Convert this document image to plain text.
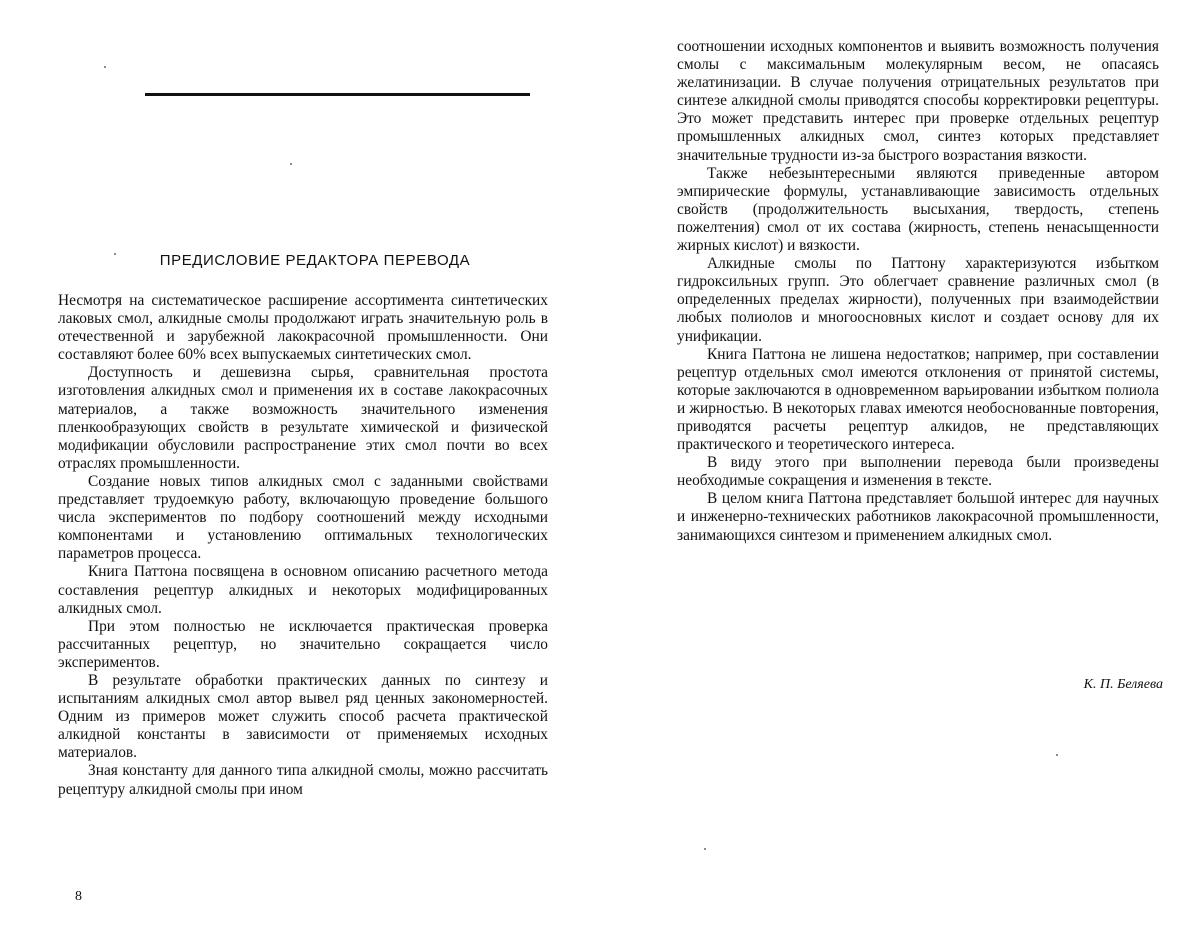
ПРЕДИСЛОВИЕ РЕДАКТОРА ПЕРЕВОДА

Несмотря на систематическое расширение ассортимента синтетических лаковых смол, алкидные смолы продолжают играть значительную роль в отечественной и зарубежной лакокрасочной промышленности. Они составляют более 60% всех выпускаемых синтетических смол.

Доступность и дешевизна сырья, сравнительная простота изготовления алкидных смол и применения их в составе лакокрасочных материалов, а также возможность значительного изменения пленкообразующих свойств в результате химической и физической модификации обусловили распространение этих смол почти во всех отраслях промышленности.

Создание новых типов алкидных смол с заданными свойствами представляет трудоемкую работу, включающую проведение большого числа экспериментов по подбору соотношений между исходными компонентами и установлению оптимальных технологических параметров процесса.

Книга Паттона посвящена в основном описанию расчетного метода составления рецептур алкидных и некоторых модифицированных алкидных смол.

При этом полностью не исключается практическая проверка рассчитанных рецептур, но значительно сокращается число экспериментов.

В результате обработки практических данных по синтезу и испытаниям алкидных смол автор вывел ряд ценных закономерностей. Одним из примеров может служить способ расчета практической алкидной константы в зависимости от применяемых исходных материалов.

Зная константу для данного типа алкидной смолы, можно рассчитать рецептуру алкидной смолы при ином

8

соотношении исходных компонентов и выявить возможность получения смолы с максимальным молекулярным весом, не опасаясь желатинизации. В случае получения отрицательных результатов при синтезе алкидной смолы приводятся способы корректировки рецептуры. Это может представить интерес при проверке отдельных рецептур промышленных алкидных смол, синтез которых представляет значительные трудности из-за быстрого возрастания вязкости.

Также небезынтересными являются приведенные автором эмпирические формулы, устанавливающие зависимость отдельных свойств (продолжительность высыхания, твердость, степень пожелтения) смол от их состава (жирность, степень ненасыщенности жирных кислот) и вязкости.

Алкидные смолы по Паттону характеризуются избытком гидроксильных групп. Это облегчает сравнение различных смол (в определенных пределах жирности), полученных при взаимодействии любых полиолов и многоосновных кислот и создает основу для их унификации.

Книга Паттона не лишена недостатков; например, при составлении рецептур отдельных смол имеются отклонения от принятой системы, которые заключаются в одновременном варьировании избытком полиола и жирностью. В некоторых главах имеются необоснованные повторения, приводятся расчеты рецептур алкидов, не представляющих практического и теоретического интереса.

В виду этого при выполнении перевода были произведены необходимые сокращения и изменения в тексте.

В целом книга Паттона представляет большой интерес для научных и инженерно-технических работников лакокрасочной промышленности, занимающихся синтезом и применением алкидных смол.

К. П. Беляева
